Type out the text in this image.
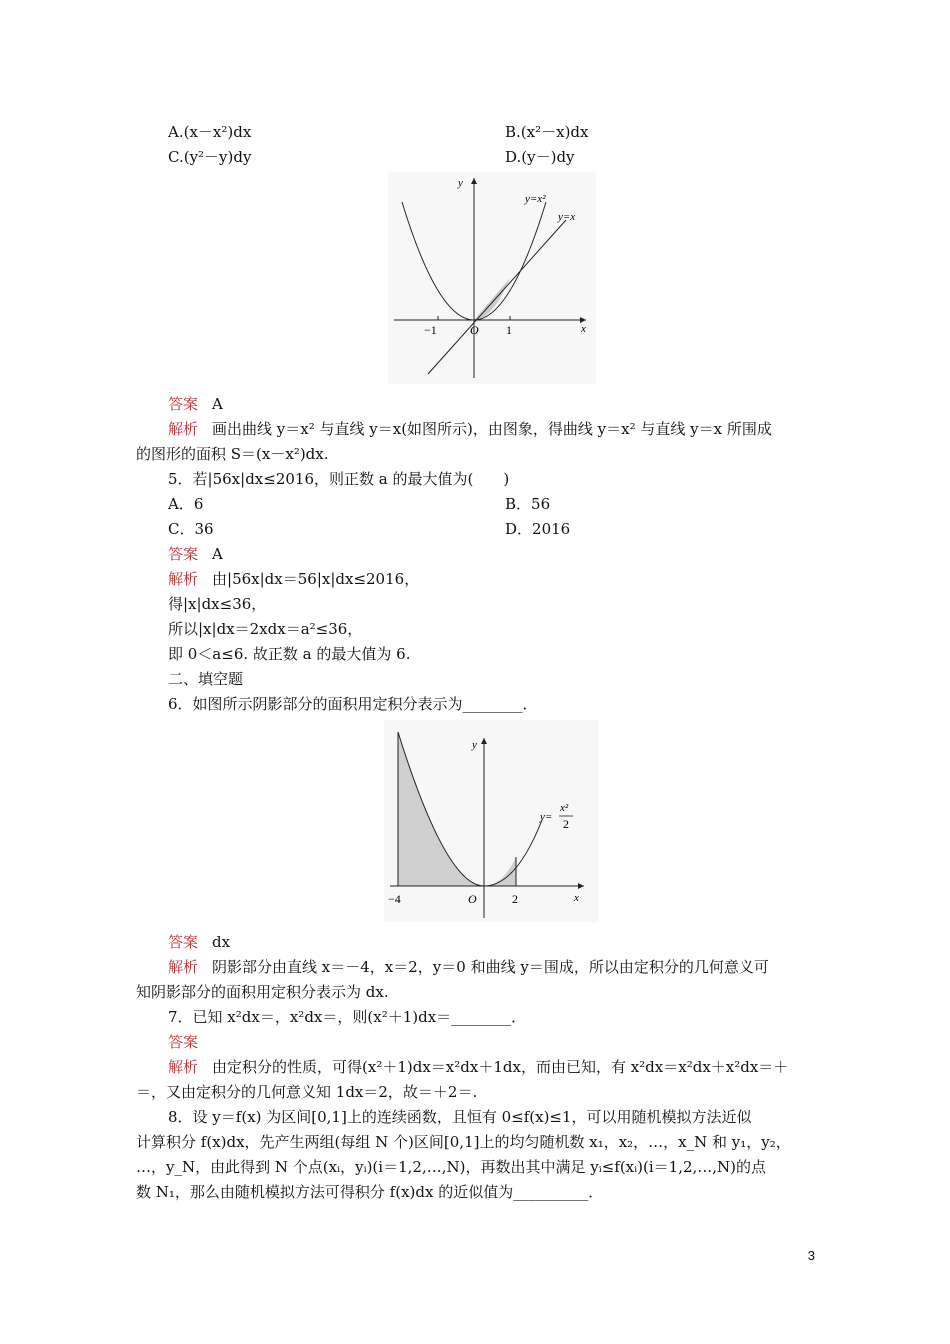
A.(x－x²)dx	B.(x²－x)dx
C.(y²－y)dy	D.(y－)dy
y
x
y=x²
y=x
−1	O 1
答案 A
解析 画出曲线 y＝x² 与直线 y＝x(如图所示)，由图象，得曲线 y＝x² 与直线 y＝x 所围成
的图形的面积 S＝(x－x²)dx.
5．若|56x|dx≤2016，则正数 a 的最大值为(　　)
A．6	B．56
C．36	D．2016
答案 A
解析 由|56x|dx＝56|x|dx≤2016，
得|x|dx≤36，
所以|x|dx＝2xdx＝a²≤36，
即 0＜a≤6. 故正数 a 的最大值为 6.
二、填空题
6．如图所示阴影部分的面积用定积分表示为________．
y
x
y=
x²
2
−4	O	2
答案 dx
解析 阴影部分由直线 x＝－4，x＝2，y＝0 和曲线 y＝围成，所以由定积分的几何意义可
知阴影部分的面积用定积分表示为 dx.
7．已知 x²dx＝，x²dx＝，则(x²＋1)dx＝________．
答案
解析 由定积分的性质，可得(x²＋1)dx＝x²dx＋1dx，而由已知，有 x²dx＝x²dx＋x²dx＝＋
＝，又由定积分的几何意义知 1dx＝2，故＝＋2＝.
8．设 y＝f(x) 为区间[0,1]上的连续函数，且恒有 0≤f(x)≤1，可以用随机模拟方法近似
计算积分 f(x)dx，先产生两组(每组 N 个)区间[0,1]上的均匀随机数 x₁，x₂，…，x_N 和 y₁，y₂，
…，y_N，由此得到 N 个点(xᵢ，yᵢ)(i＝1,2,…,N)，再数出其中满足 yᵢ≤f(xᵢ)(i＝1,2,…,N)的点
数 N₁，那么由随机模拟方法可得积分 f(x)dx 的近似值为__________．
3
